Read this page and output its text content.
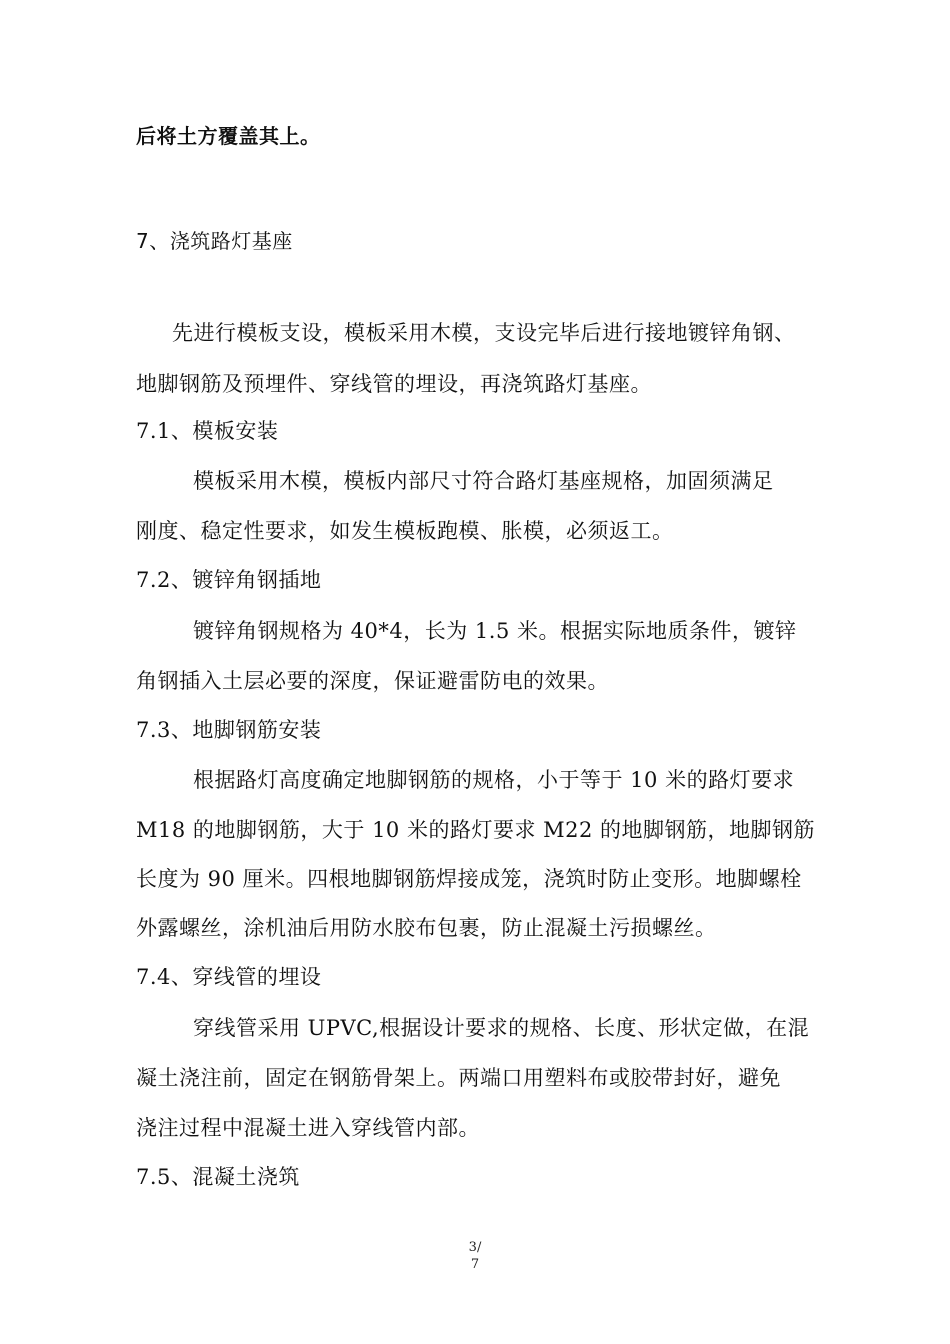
后将土方覆盖其上。
7、浇筑路灯基座
先进行模板支设，模板采用木模，支设完毕后进行接地镀锌角钢、
地脚钢筋及预埋件、穿线管的埋设，再浇筑路灯基座。
7.1、模板安装
模板采用木模，模板内部尺寸符合路灯基座规格，加固须满足
刚度、稳定性要求，如发生模板跑模、胀模，必须返工。
7.2、镀锌角钢插地
镀锌角钢规格为 40*4，长为 1.5 米。根据实际地质条件，镀锌
角钢插入土层必要的深度，保证避雷防电的效果。
7.3、地脚钢筋安装
根据路灯高度确定地脚钢筋的规格，小于等于 10 米的路灯要求
M18 的地脚钢筋，大于 10 米的路灯要求 M22 的地脚钢筋，地脚钢筋
长度为 90 厘米。四根地脚钢筋焊接成笼，浇筑时防止变形。地脚螺栓
外露螺丝，涂机油后用防水胶布包裹，防止混凝土污损螺丝。
7.4、穿线管的埋设
穿线管采用 UPVC,根据设计要求的规格、长度、形状定做，在混
凝土浇注前，固定在钢筋骨架上。两端口用塑料布或胶带封好，避免
浇注过程中混凝土进入穿线管内部。
7.5、混凝土浇筑
3/
7
